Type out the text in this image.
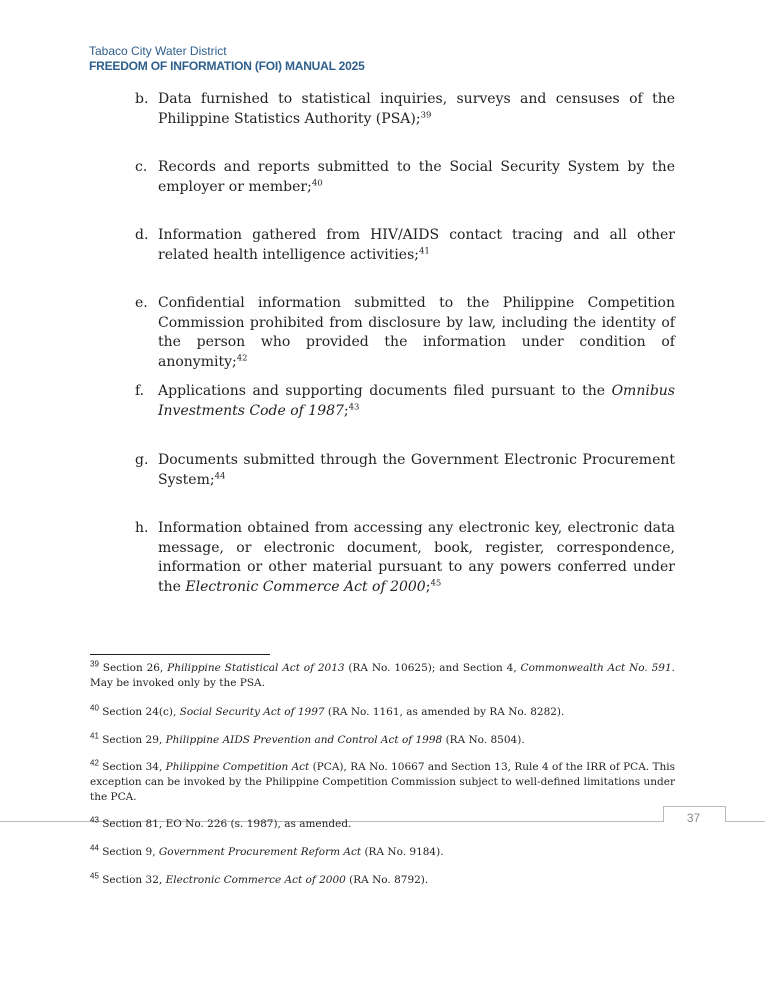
Tabaco City Water District
FREEDOM OF INFORMATION (FOI) MANUAL 2025
b. Data furnished to statistical inquiries, surveys and censuses of the Philippine Statistics Authority (PSA);$^{39}$
c. Records and reports submitted to the Social Security System by the employer or member;$^{40}$
d. Information gathered from HIV/AIDS contact tracing and all other related health intelligence activities;$^{41}$
e. Confidential information submitted to the Philippine Competition Commission prohibited from disclosure by law, including the identity of the person who provided the information under condition of anonymity;$^{42}$
f. Applications and supporting documents filed pursuant to the Omnibus Investments Code of 1987;$^{43}$
g. Documents submitted through the Government Electronic Procurement System;$^{44}$
h. Information obtained from accessing any electronic key, electronic data message, or electronic document, book, register, correspondence, information or other material pursuant to any powers conferred under the Electronic Commerce Act of 2000;$^{45}$
$^{39}$ Section 26, Philippine Statistical Act of 2013 (RA No. 10625); and Section 4, Commonwealth Act No. 591. May be invoked only by the PSA.
$^{40}$ Section 24(c), Social Security Act of 1997 (RA No. 1161, as amended by RA No. 8282).
$^{41}$ Section 29, Philippine AIDS Prevention and Control Act of 1998 (RA No. 8504).
$^{42}$ Section 34, Philippine Competition Act (PCA), RA No. 10667 and Section 13, Rule 4 of the IRR of PCA. This exception can be invoked by the Philippine Competition Commission subject to well-defined limitations under the PCA.
37
$^{43}$ Section 81, EO No. 226 (s. 1987), as amended.
$^{44}$ Section 9, Government Procurement Reform Act (RA No. 9184).
$^{45}$ Section 32, Electronic Commerce Act of 2000 (RA No. 8792).
